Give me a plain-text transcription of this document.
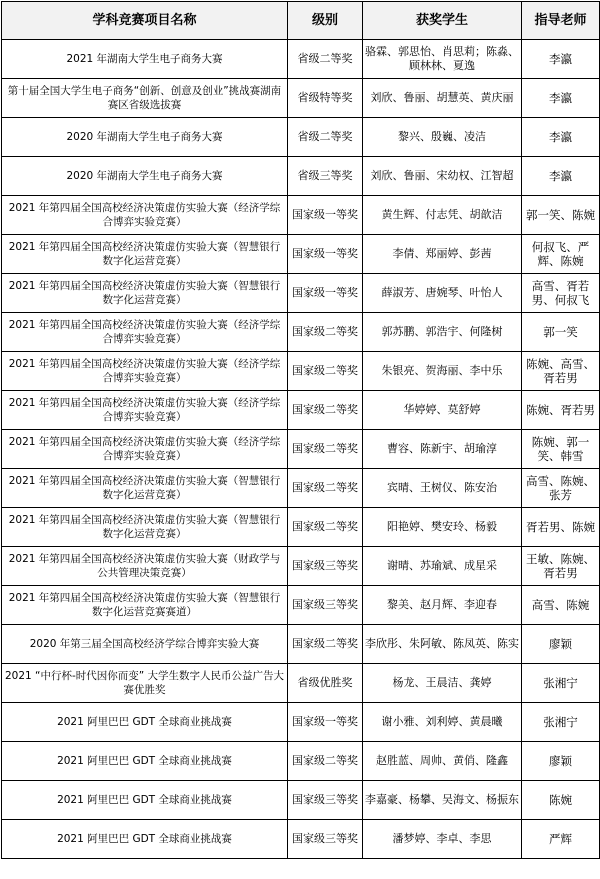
学科竞赛项目名称	级别	获奖学生	指导老师
2021 年湖南大学生电子商务大赛	省级二等奖	骆霖、郭思怡、肖思莉；陈淼、顾林林、夏逸	李瀛
第十届全国大学生电子商务“创新、创意及创业”挑战赛湖南赛区省级选拔赛	省级特等奖	刘欣、鲁丽、胡慧英、黄庆丽	李瀛
2020 年湖南大学生电子商务大赛	省级二等奖	黎兴、殷巍、凌洁	李瀛
2020 年湖南大学生电子商务大赛	省级三等奖	刘欣、鲁丽、宋幼权、江智超	李瀛
2021 年第四届全国高校经济决策虚仿实验大赛（经济学综合博弈实验竞赛）	国家级一等奖	黄生辉、付志凭、胡歆洁	郭一笑、陈婉
2021 年第四届全国高校经济决策虚仿实验大赛（智慧银行数字化运营竞赛）	国家级一等奖	李倩、郑丽婷、彭茜	何叔飞、严辉、陈婉
2021 年第四届全国高校经济决策虚仿实验大赛（智慧银行数字化运营竞赛）	国家级一等奖	薛淑芳、唐婉琴、叶怡人	高雪、胥若男、何叔飞
2021 年第四届全国高校经济决策虚仿实验大赛（经济学综合博弈实验竞赛）	国家级二等奖	郭苏鹏、郭浩宇、何隆树	郭一笑
2021 年第四届全国高校经济决策虚仿实验大赛（经济学综合博弈实验竞赛）	国家级二等奖	朱银亮、贺海丽、李中乐	陈婉、高雪、胥若男
2021 年第四届全国高校经济决策虚仿实验大赛（经济学综合博弈实验竞赛）	国家级二等奖	华婷婷、莫舒婷	陈婉、胥若男
2021 年第四届全国高校经济决策虚仿实验大赛（经济学综合博弈实验竞赛）	国家级二等奖	曹容、陈新宇、胡瑜淳	陈婉、郭一笑、韩雪
2021 年第四届全国高校经济决策虚仿实验大赛（智慧银行数字化运营竞赛）	国家级二等奖	宾晴、王树仪、陈安治	高雪、陈婉、张芳
2021 年第四届全国高校经济决策虚仿实验大赛（智慧银行数字化运营竞赛）	国家级二等奖	阳艳婷、樊安玲、杨毅	胥若男、陈婉
2021 年第四届全国高校经济决策虚仿实验大赛（财政学与公共管理决策竞赛）	国家级三等奖	谢晴、苏瑜斌、成星采	王敏、陈婉、胥若男
2021 年第四届全国高校经济决策虚仿实验大赛（智慧银行数字化运营竞赛赛道）	国家级三等奖	黎美、赵月辉、李迎春	高雪、陈婉
2020 年第三届全国高校经济学综合博弈实验大赛	国家级二等奖	李欣彤、朱阿敏、陈凤英、陈实	廖颖
2021 “中行杯-时代因你而变” 大学生数字人民币公益广告大赛优胜奖	省级优胜奖	杨龙、王晨洁、龚婷	张湘宁
2021 阿里巴巴 GDT 全球商业挑战赛	国家级一等奖	谢小雅、刘利婷、黄晨曦	张湘宁
2021 阿里巴巴 GDT 全球商业挑战赛	国家级二等奖	赵胜蓝、周帅、黄俏、隆鑫	廖颖
2021 阿里巴巴 GDT 全球商业挑战赛	国家级三等奖	李嘉豪、杨攀、吴海文、杨振东	陈婉
2021 阿里巴巴 GDT 全球商业挑战赛	国家级三等奖	潘梦婷、李卓、李思	严辉
